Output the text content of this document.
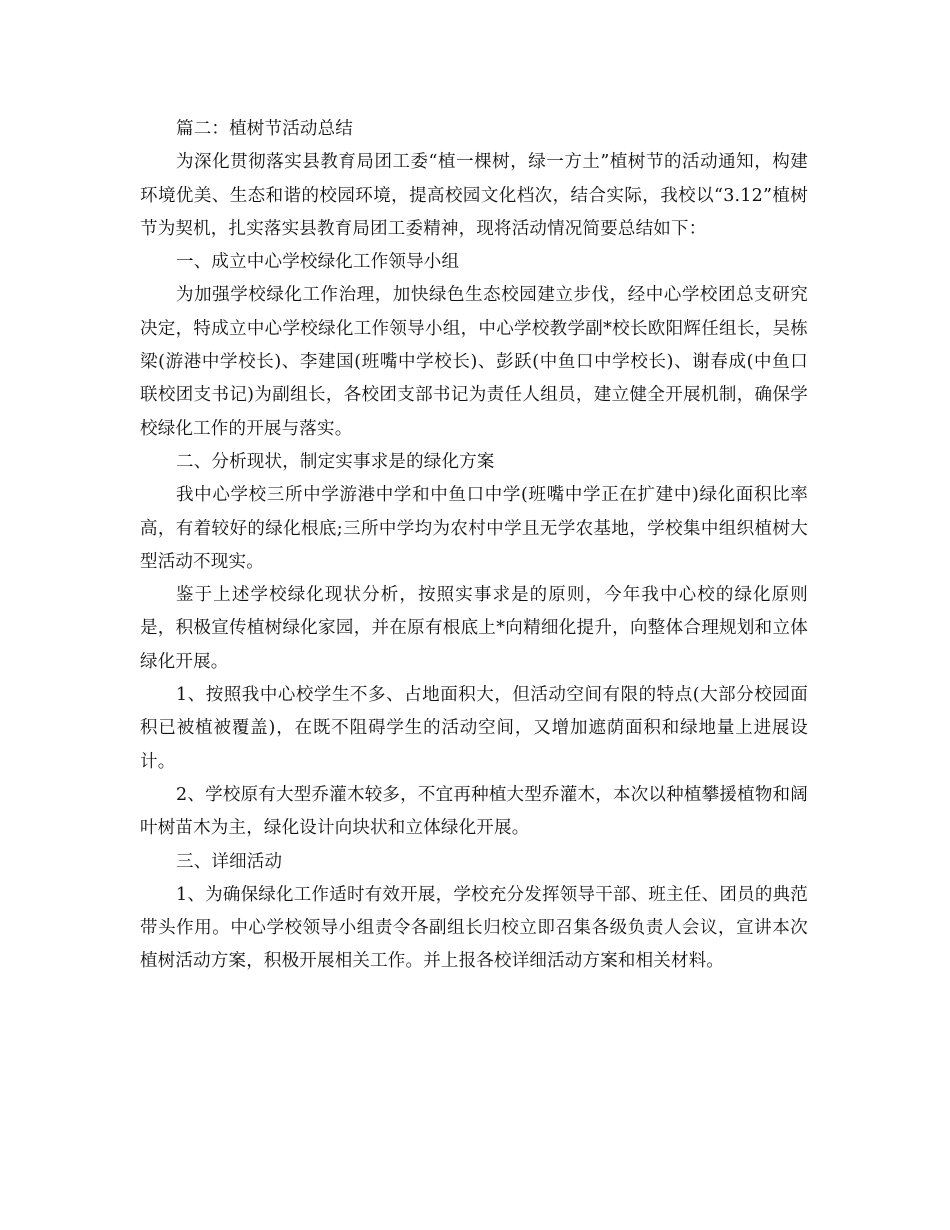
篇二：植树节活动总结

为深化贯彻落实县教育局团工委“植一棵树，绿一方土”植树节的活动通知，构建环境优美、生态和谐的校园环境，提高校园文化档次，结合实际，我校以“3.12”植树节为契机，扎实落实县教育局团工委精神，现将活动情况简要总结如下：

一、成立中心学校绿化工作领导小组

为加强学校绿化工作治理，加快绿色生态校园建立步伐，经中心学校团总支研究决定，特成立中心学校绿化工作领导小组，中心学校教学副*校长欧阳辉任组长，吴栋梁(游港中学校长)、李建国(班嘴中学校长)、彭跃(中鱼口中学校长)、谢春成(中鱼口联校团支书记)为副组长，各校团支部书记为责任人组员，建立健全开展机制，确保学校绿化工作的开展与落实。

二、分析现状，制定实事求是的绿化方案

我中心学校三所中学游港中学和中鱼口中学(班嘴中学正在扩建中)绿化面积比率高，有着较好的绿化根底;三所中学均为农村中学且无学农基地，学校集中组织植树大型活动不现实。

鉴于上述学校绿化现状分析，按照实事求是的原则，今年我中心校的绿化原则是，积极宣传植树绿化家园，并在原有根底上*向精细化提升，向整体合理规划和立体绿化开展。

1、按照我中心校学生不多、占地面积大，但活动空间有限的特点(大部分校园面积已被植被覆盖)，在既不阻碍学生的活动空间，又增加遮荫面积和绿地量上进展设计。

2、学校原有大型乔灌木较多，不宜再种植大型乔灌木，本次以种植攀援植物和阔叶树苗木为主，绿化设计向块状和立体绿化开展。

三、详细活动

1、为确保绿化工作适时有效开展，学校充分发挥领导干部、班主任、团员的典范带头作用。中心学校领导小组责令各副组长归校立即召集各级负责人会议，宣讲本次植树活动方案，积极开展相关工作。并上报各校详细活动方案和相关材料。
